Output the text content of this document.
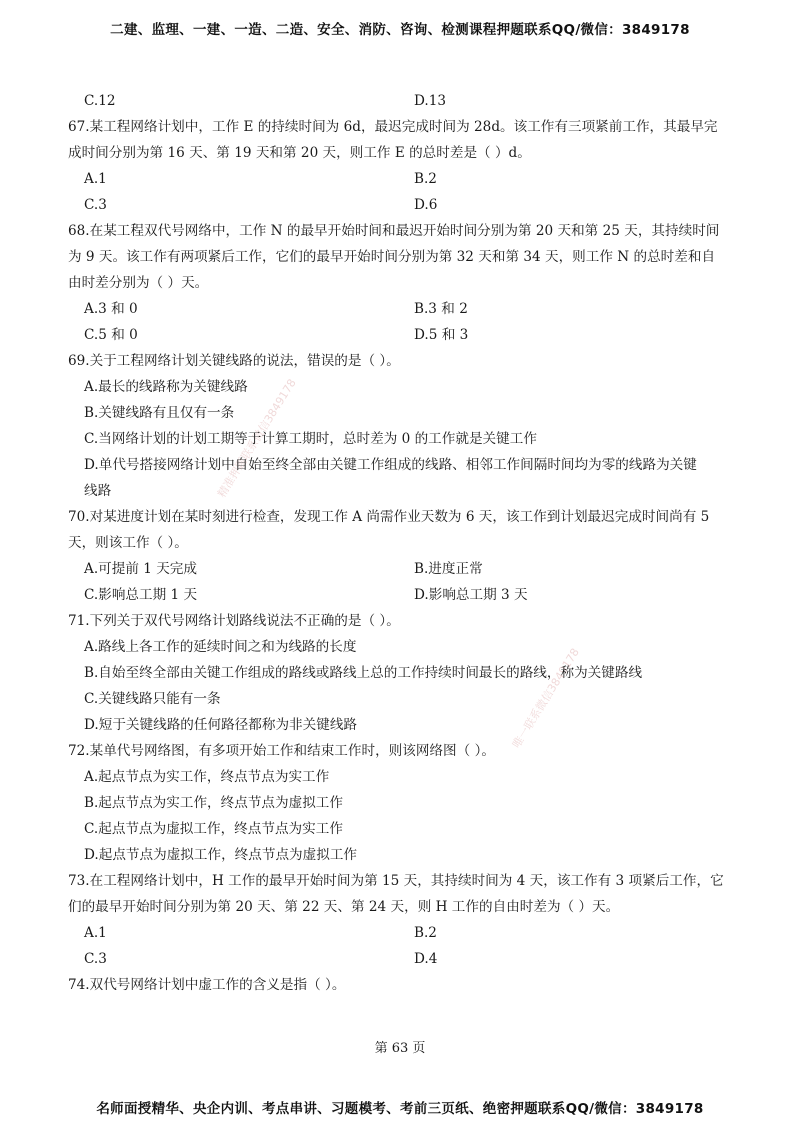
二建、监理、一建、一造、二造、安全、消防、咨询、检测课程押题联系QQ/微信：3849178
精准押题联系微信3849178
唯一联系微信3849178
C.12	D.13

67.某工程网络计划中，工作 E 的持续时间为 6d，最迟完成时间为 28d。该工作有三项紧前工作，其最早完

成时间分别为第 16 天、第 19 天和第 20 天，则工作 E 的总时差是（ ）d。

A.1	B.2
C.3	D.6

68.在某工程双代号网络中，工作 N 的最早开始时间和最迟开始时间分别为第 20 天和第 25 天，其持续时间

为 9 天。该工作有两项紧后工作，它们的最早开始时间分别为第 32 天和第 34 天，则工作 N 的总时差和自

由时差分别为（ ）天。

A.3 和 0	B.3 和 2
C.5 和 0	D.5 和 3

69.关于工程网络计划关键线路的说法，错误的是（ ）。

A.最长的线路称为关键线路

B.关键线路有且仅有一条

C.当网络计划的计划工期等于计算工期时，总时差为 0 的工作就是关键工作

D.单代号搭接网络计划中自始至终全部由关键工作组成的线路、相邻工作间隔时间均为零的线路为关键

线路

70.对某进度计划在某时刻进行检查，发现工作 A 尚需作业天数为 6 天，该工作到计划最迟完成时间尚有 5

天，则该工作（ ）。

A.可提前 1 天完成	B.进度正常
C.影响总工期 1 天	D.影响总工期 3 天

71.下列关于双代号网络计划路线说法不正确的是（ ）。

A.路线上各工作的延续时间之和为线路的长度

B.自始至终全部由关键工作组成的路线或路线上总的工作持续时间最长的路线，称为关键路线

C.关键线路只能有一条

D.短于关键线路的任何路径都称为非关键线路

72.某单代号网络图，有多项开始工作和结束工作时，则该网络图（ ）。

A.起点节点为实工作，终点节点为实工作

B.起点节点为实工作，终点节点为虚拟工作

C.起点节点为虚拟工作，终点节点为实工作

D.起点节点为虚拟工作，终点节点为虚拟工作

73.在工程网络计划中，H 工作的最早开始时间为第 15 天，其持续时间为 4 天，该工作有 3 项紧后工作，它

们的最早开始时间分别为第 20 天、第 22 天、第 24 天，则 H 工作的自由时差为（ ）天。

A.1	B.2
C.3	D.4

74.双代号网络计划中虚工作的含义是指（ ）。

第 63 页
名师面授精华、央企内训、考点串讲、习题模考、考前三页纸、绝密押题联系QQ/微信：3849178
